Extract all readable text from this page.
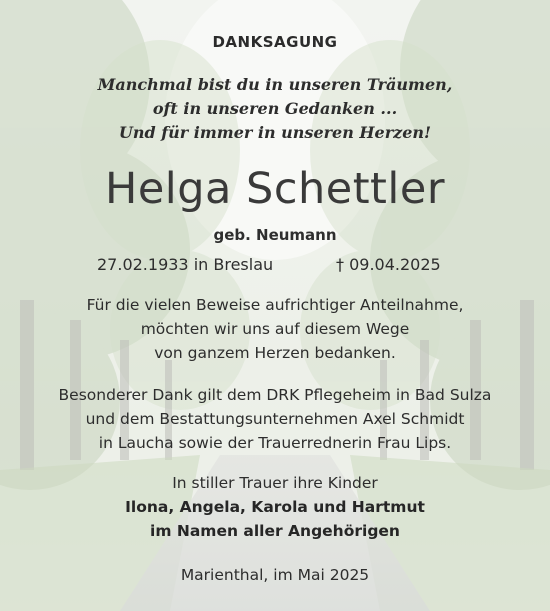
DANKSAGUNG

Manchmal bist du in unseren Träumen,

oft in unseren Gedanken ...

Und für immer in unseren Herzen!

Helga Schettler

geb. Neumann

27.02.1933 in Breslau	† 09.04.2025

Für die vielen Beweise aufrichtiger Anteilnahme,

möchten wir uns auf diesem Wege

von ganzem Herzen bedanken.

Besonderer Dank gilt dem DRK Pflegeheim in Bad Sulza

und dem Bestattungsunternehmen Axel Schmidt

in Laucha sowie der Trauerrednerin Frau Lips.

In stiller Trauer ihre Kinder

Ilona, Angela, Karola und Hartmut

im Namen aller Angehörigen

Marienthal, im Mai 2025
